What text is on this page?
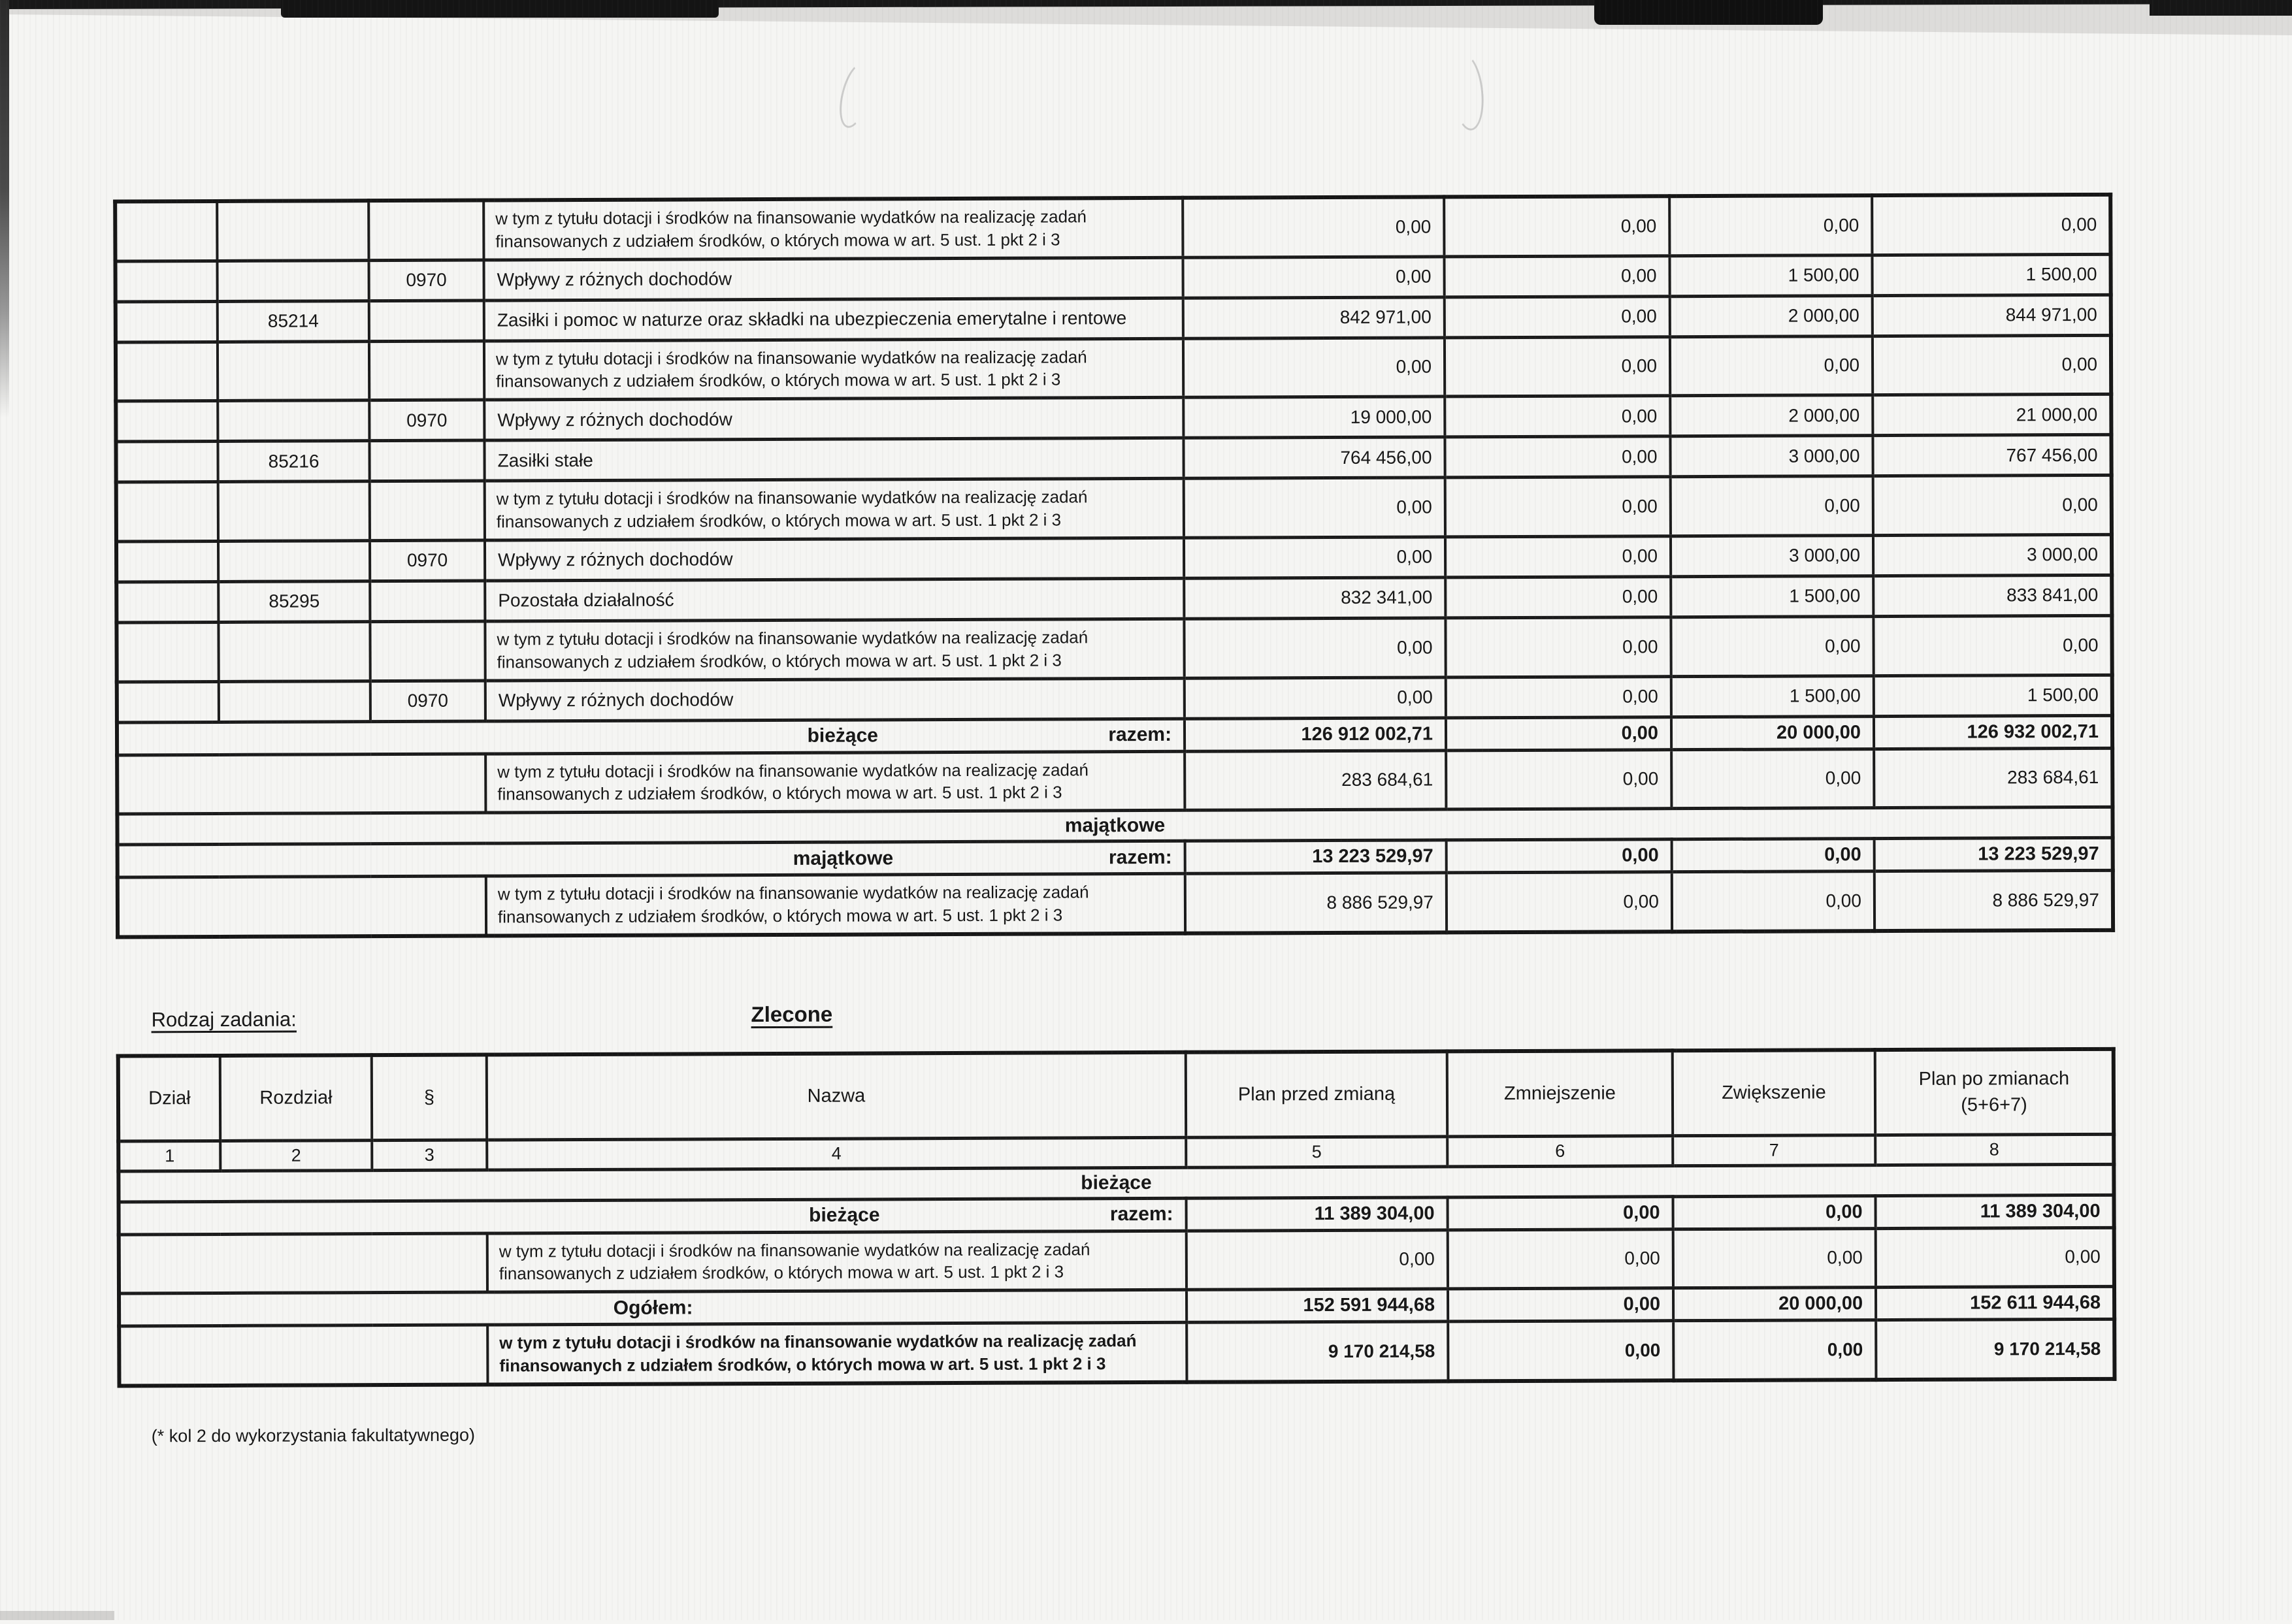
			w tym z tytułu dotacji i środków na finansowanie wydatków na realizację zadań finansowanych z udziałem środków, o których mowa w art. 5 ust. 1 pkt 2 i 3	0,00	0,00	0,00	0,00
		0970	Wpływy z różnych dochodów	0,00	0,00	1 500,00	1 500,00
	85214		Zasiłki i pomoc w naturze oraz składki na ubezpieczenia emerytalne i rentowe	842 971,00	0,00	2 000,00	844 971,00
			w tym z tytułu dotacji i środków na finansowanie wydatków na realizację zadań finansowanych z udziałem środków, o których mowa w art. 5 ust. 1 pkt 2 i 3	0,00	0,00	0,00	0,00
		0970	Wpływy z różnych dochodów	19 000,00	0,00	2 000,00	21 000,00
	85216		Zasiłki stałe	764 456,00	0,00	3 000,00	767 456,00
			w tym z tytułu dotacji i środków na finansowanie wydatków na realizację zadań finansowanych z udziałem środków, o których mowa w art. 5 ust. 1 pkt 2 i 3	0,00	0,00	0,00	0,00
		0970	Wpływy z różnych dochodów	0,00	0,00	3 000,00	3 000,00
	85295		Pozostała działalność	832 341,00	0,00	1 500,00	833 841,00
			w tym z tytułu dotacji i środków na finansowanie wydatków na realizację zadań finansowanych z udziałem środków, o których mowa w art. 5 ust. 1 pkt 2 i 3	0,00	0,00	0,00	0,00
		0970	Wpływy z różnych dochodów	0,00	0,00	1 500,00	1 500,00

bieżące razem:				126 912 002,71	0,00	20 000,00	126 932 002,71
			w tym z tytułu dotacji i środków na finansowanie wydatków na realizację zadań finansowanych z udziałem środków, o których mowa w art. 5 ust. 1 pkt 2 i 3	283 684,61	0,00	0,00	283 684,61
majątkowe							

majątkowe razem:				13 223 529,97	0,00	0,00	13 223 529,97
			w tym z tytułu dotacji i środków na finansowanie wydatków na realizację zadań finansowanych z udziałem środków, o których mowa w art. 5 ust. 1 pkt 2 i 3	8 886 529,97	0,00	0,00	8 886 529,97
Rodzaj zadania:	Zlecone
Dział	Rozdział	§	Nazwa	Plan przed zmianą	Zmniejszenie	Zwiększenie	Plan po zmianach
(5+6+7)
1	2	3	4	5	6	7	8
bieżące							

bieżące razem:				11 389 304,00	0,00	0,00	11 389 304,00
			w tym z tytułu dotacji i środków na finansowanie wydatków na realizację zadań finansowanych z udziałem środków, o których mowa w art. 5 ust. 1 pkt 2 i 3	0,00	0,00	0,00	0,00
Ogółem:				152 591 944,68	0,00	20 000,00	152 611 944,68
			w tym z tytułu dotacji i środków na finansowanie wydatków na realizację zadań finansowanych z udziałem środków, o których mowa w art. 5 ust. 1 pkt 2 i 3	9 170 214,58	0,00	0,00	9 170 214,58
(* kol 2 do wykorzystania fakultatywnego)
